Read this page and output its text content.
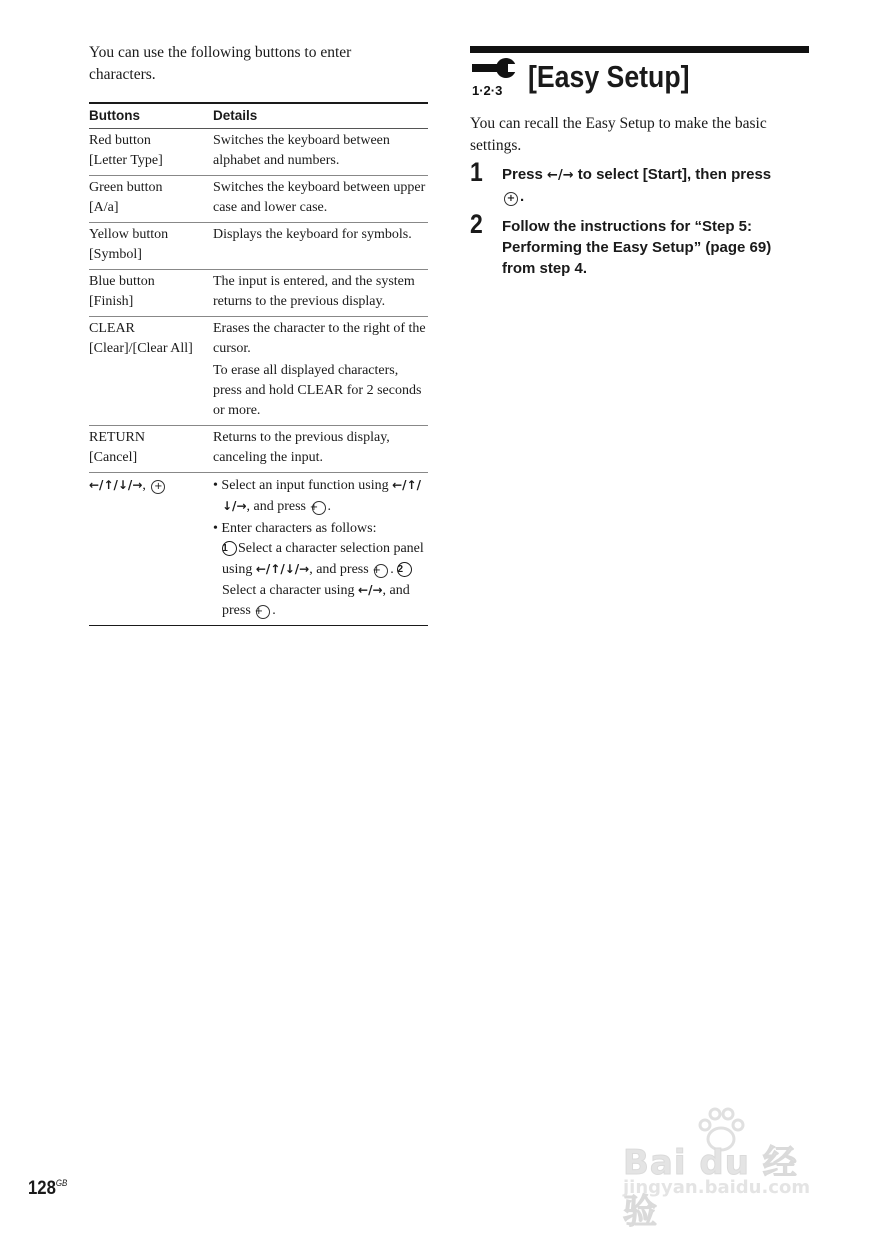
You can use the following buttons to enter characters.

Buttons	Details

Red button
[Letter Type]	Switches the keyboard between alphabet and numbers.

Green button
[A/a]	Switches the keyboard between upper case and lower case.

Yellow button
[Symbol]	Displays the keyboard for symbols.

Blue button
[Finish]	The input is entered, and the system returns to the previous display.

CLEAR
[Clear]/[Clear All]	Erases the character to the right of the cursor.
To erase all displayed characters, press and hold CLEAR for 2 seconds or more.

RETURN
[Cancel]	Returns to the previous display, canceling the input.

←/↑/↓/→, +	• Select an input function using ←/↑/↓/→, and press + .
• Enter characters as follows:
1 Select a character selection panel using ←/↑/↓/→, and press + . 2Select a character using ←/→, and press + .
1·2·3 [Easy Setup]

You can recall the Easy Setup to make the basic settings.

1 Press ←/→ to select [Start], then press
+ .

2 Follow the instructions for “Step 5: Performing the Easy Setup” (page 69) from step 4.

$128^{GB}$	Bai du 经验
jingyan.baidu.com
